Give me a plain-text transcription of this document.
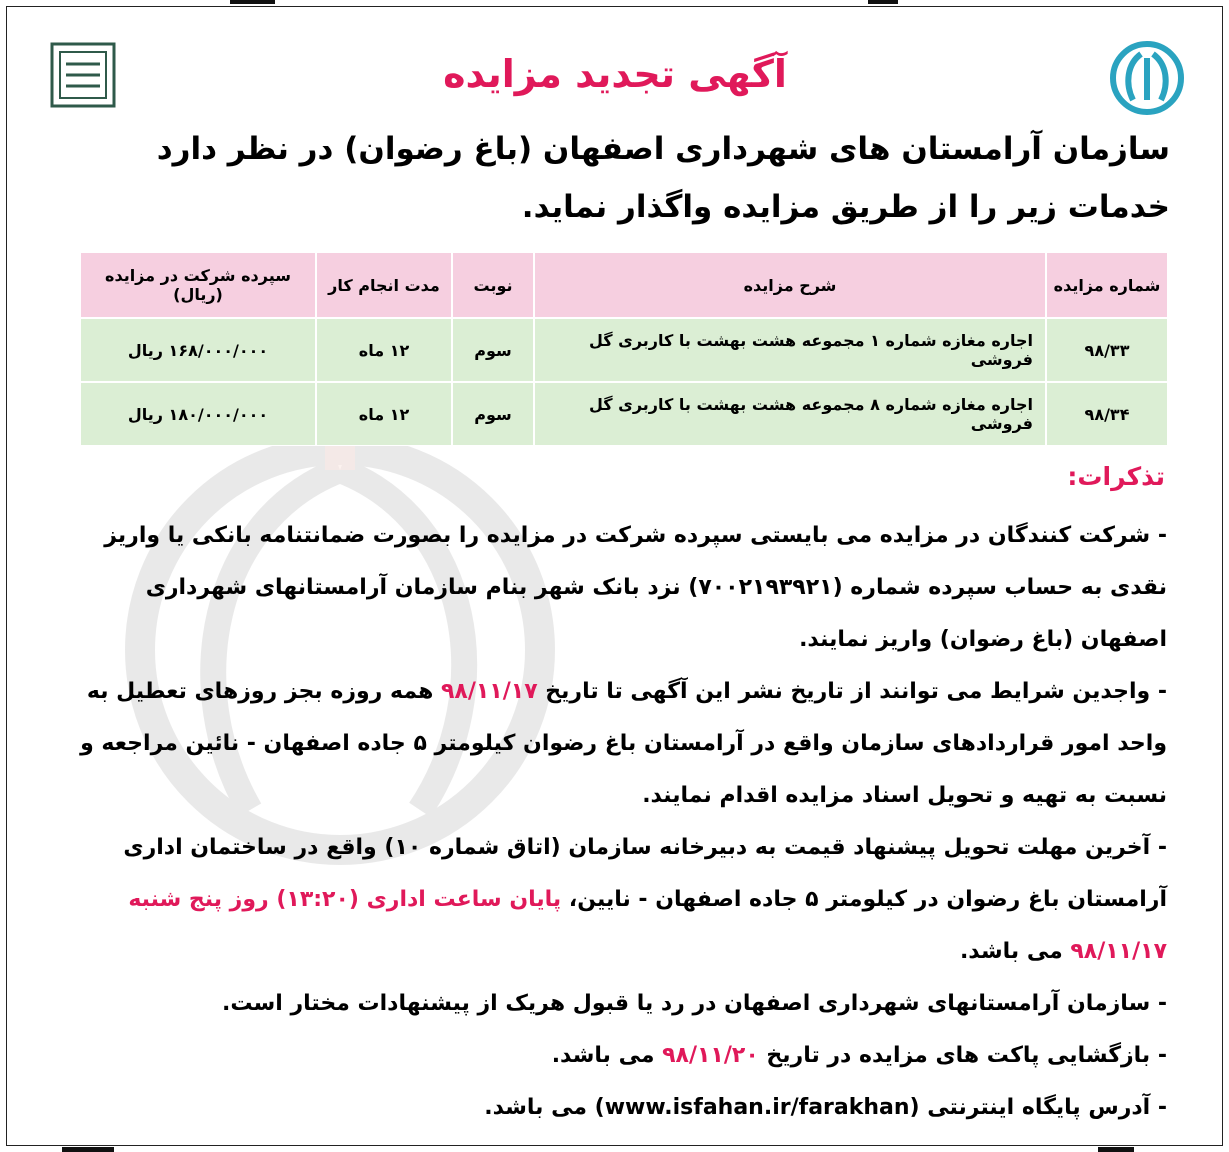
آگهی تجدید مزایده
سازمان آرامستان های شهرداری اصفهان (باغ رضوان) در نظر دارد خدمات زیر را از طریق مزایده واگذار نماید.
شماره مزایده	شرح مزایده	نوبت	مدت انجام کار	سپرده شرکت در مزایده (ریال)
۹۸/۳۳	اجاره مغازه شماره ۱ مجموعه هشت بهشت با کاربری گل فروشی	سوم	۱۲ ماه	۱۶۸/۰۰۰/۰۰۰ ریال
۹۸/۳۴	اجاره مغازه شماره ۸ مجموعه هشت بهشت با کاربری گل فروشی	سوم	۱۲ ماه	۱۸۰/۰۰۰/۰۰۰ ریال
تذکرات:

- شرکت کنندگان در مزایده می بایستی سپرده شرکت در مزایده را بصورت ضمانتنامه بانکی یا واریز نقدی به حساب سپرده شماره (۷۰۰۲۱۹۳۹۲۱) نزد بانک شهر بنام سازمان آرامستانهای شهرداری اصفهان (باغ رضوان) واریز نمایند.

- واجدین شرایط می توانند از تاریخ نشر این آگهی تا تاریخ ۹۸/۱۱/۱۷ همه روزه بجز روزهای تعطیل به واحد امور قراردادهای سازمان واقع در آرامستان باغ رضوان کیلومتر ۵ جاده اصفهان - نائین مراجعه و نسبت به تهیه و تحویل اسناد مزایده اقدام نمایند.

- آخرین مهلت تحویل پیشنهاد قیمت به دبیرخانه سازمان (اتاق شماره ۱۰) واقع در ساختمان اداری آرامستان باغ رضوان در کیلومتر ۵ جاده اصفهان - نایین، پایان ساعت اداری (۱۳:۲۰) روز پنج شنبه ۹۸/۱۱/۱۷ می باشد.

- سازمان آرامستانهای شهرداری اصفهان در رد یا قبول هریک از پیشنهادات مختار است.

- بازگشایی پاکت های مزایده در تاریخ ۹۸/۱۱/۲۰ می باشد.

- آدرس پایگاه اینترنتی (www.isfahan.ir/farakhan) می باشد.
